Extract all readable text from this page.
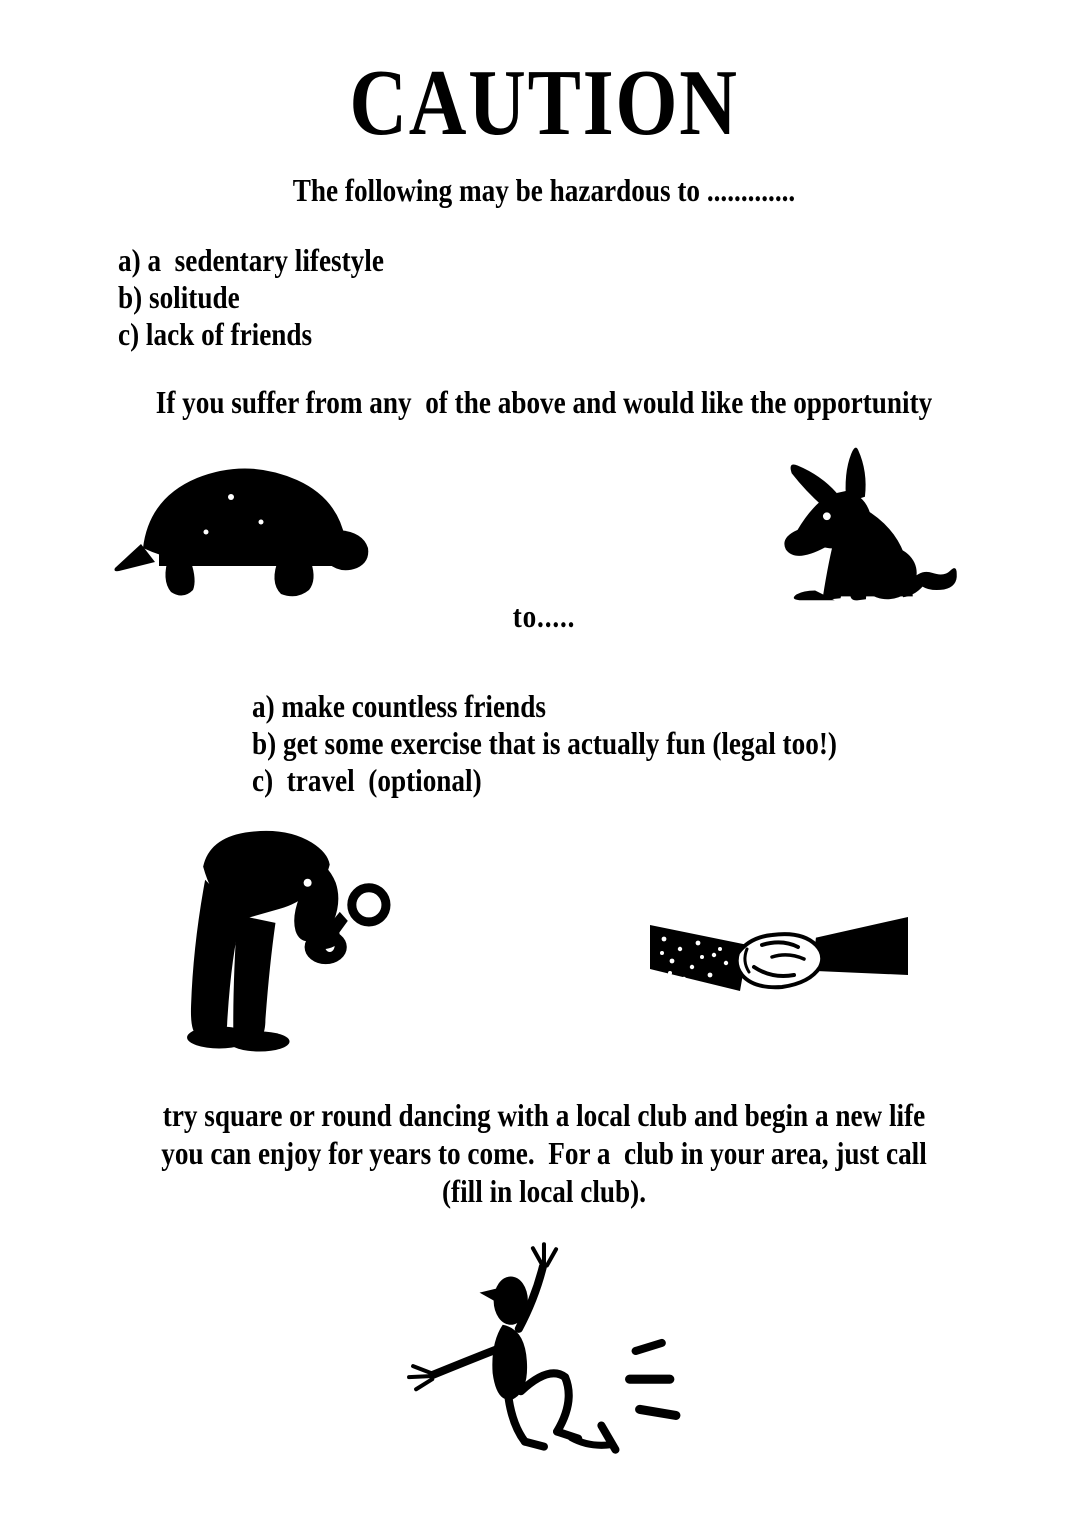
CAUTION
The following may be hazardous to .............
a) a  sedentary lifestyle
b) solitude
c) lack of friends
If you suffer from any  of the above and would like the opportunity
to.....
a) make countless friends
b) get some exercise that is actually fun (legal too!)
c)  travel  (optional)
try square or round dancing with a local club and begin a new life
you can enjoy for years to come.  For a  club in your area, just call
(fill in local club).
